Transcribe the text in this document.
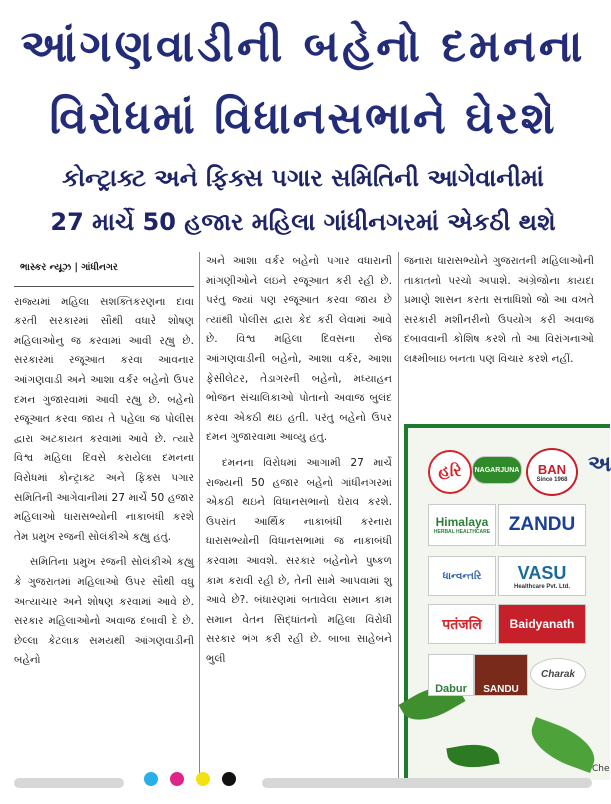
આંગણવાડીની બહેનો દમનના
વિરોધમાં વિધાનસભાને ઘેરશે
કોન્ટ્રાક્ટ અને ફિક્સ પગાર સમિતિની આગેવાનીમાં
27 માર્ચે 50 હજાર મહિલા ગાંધીનગરમાં એકઠી થશે
ભાસ્કર ન્યૂઝ | ગાંધીનગર

રાજ્યમાં મહિલા સશક્તિકરણના દાવા કરતી સરકારમાં સૌથી વધારે શોષણ મહિલાઓનુ જ કરવામાં આવી રહ્યુ છે. સરકારમાં રજૂઆત કરવા આવનાર આંગણવાડી અને આશા વર્કર બહેનો ઉપર દમન ગુજારવામાં આવી રહ્યુ છે. બહેનો રજૂઆત કરવા જાય તે પહેલા જ પોલીસ દ્વારા અટકાયત કરવામાં આવે છે. ત્યારે વિશ્વ મહિલા દિવસે કરાયેલા દમનના વિરોધમાં કોન્ટ્રાક્ટ અને ફિક્સ પગાર સમિતિની આગેવાનીમાં 27 માર્ચે 50 હજાર મહિલાઓ ધારાસભ્યોની નાકાબંધી કરશે તેમ પ્રમુખ રજની સોલંકીએ કહ્યુ હતું.

સમિતિના પ્રમુખ રજની સોલંકીએ કહ્યુ કે ગુજરાતમાં મહિલાઓ ઉપર સૌથી વધુ અત્યાચાર અને શોષણ કરવામાં આવે છે. સરકાર મહિલાઓનો અવાજ દબાવી દે છે. છેલ્લા કેટલાક સમયથી આંગણવાડીની બહેનો

અને આશા વર્કર બહેનો પગાર વધારાની માંગણીઓને લઇને રજૂઆત કરી રહી છે. પરંતુ જ્યાં પણ રજૂઆત કરવા જાય છે ત્યાંથી પોલીસ દ્વારા કેદ કરી લેવામાં આવે છે. વિશ્વ મહિલા દિવસના રોજ આંગણવાડીની બહેનો, આશા વર્કર, આશા ફેસીલેટર, તેડાગરની બહેનો, મધ્યાહન ભોજન સંચાલિકાઓ પોતાનો અવાજ બુલંદ કરવા એકઠી થઇ હતી. પરંતુ બહેનો ઉપર દમન ગુજારવામા આવ્યુ હતુ.

દમનના વિરોધમાં આગામી 27 માર્ચે રાજ્યની 50 હજાર બહેનો ગાંધીનગરમાં એકઠી થઇને વિધાનસભાનો ઘેરાવ કરશે. ઉપરાંત આર્થિક નાકાબંધી કરનારા ધારાસભ્યોની વિધાનસભામાં જ નાકાબંધી કરવામા આવશે. સરકાર બહેનોને પુષ્કળ કામ કરાવી રહી છે, તેની સામે આપવામાં શુ આવે છે?. બંધારણમાં બતાવેલા સમાન કામ સમાન વેતન સિદ્ધાંતનો મહિલા વિરોધી સરકાર ભંગ કરી રહી છે. બાબા સાહેબને ભુલી

જનારા ધારાસભ્યોને ગુજરાતની મહિલાઓની તાકાતનો પરચો અપાશે. અંગ્રેજોના કાયદા પ્રમાણે શાસન કરતા સત્તાધિશો જો આ વખતે સરકારી મશીનરીનો ઉપયોગ કરી અવાજ દબાવવાની કોશિષ કરશે તો આ વિરાંગનાઓ લક્ષ્મીબાઇ બનતા પણ વિચાર કરશે નહીં.

હરિ	NAGARJUNA BAN
Since 1968
Himalaya
HERBAL HEALTHCARE ZANDU
ધાન્વન્તરિ	VASU
Healthcare Pvt. Ltd.
पतंजलि	Baidyanath
Dabur	SANDU
Charak
અ
Che
